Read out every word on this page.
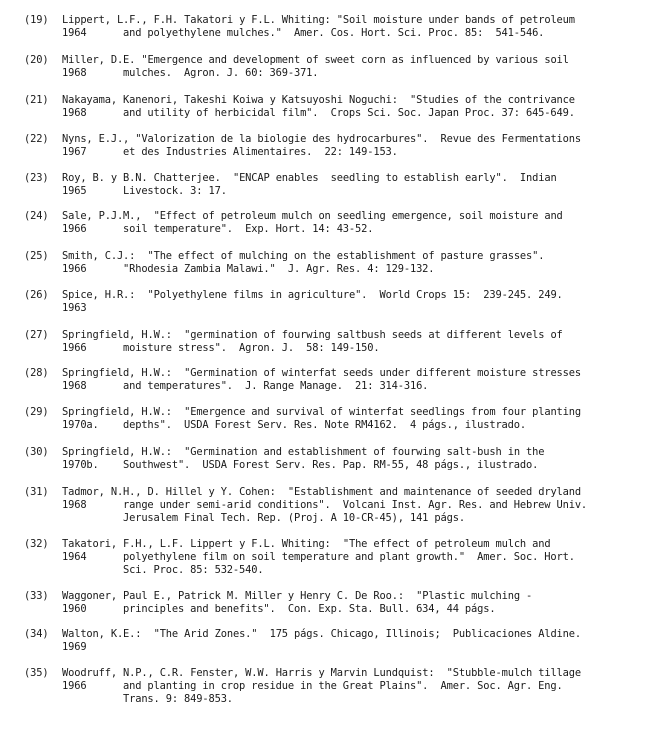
(19) Lippert, L.F., F.H. Takatori y F.L. Whiting: "Soil moisture under bands of petroleum
1964	and polyethylene mulches."  Amer. Cos. Hort. Sci. Proc. 85:  541-546.
(20) Miller, D.E. "Emergence and development of sweet corn as influenced by various soil
1968	mulches.  Agron. J. 60: 369-371.
(21) Nakayama, Kanenori, Takeshi Koiwa y Katsuyoshi Noguchi:  "Studies of the contrivance
1968	and utility of herbicidal film".  Crops Sci. Soc. Japan Proc. 37: 645-649.
(22) Nyns, E.J., "Valorization de la biologie des hydrocarbures".  Revue des Fermentations
1967	et des Industries Alimentaires.  22: 149-153.
(23) Roy, B. y B.N. Chatterjee.  "ENCAP enables  seedling to establish early".  Indian
1965	Livestock. 3: 17.
(24) Sale, P.J.M.,  "Effect of petroleum mulch on seedling emergence, soil moisture and
1966	soil temperature".  Exp. Hort. 14: 43-52.
(25) Smith, C.J.:  "The effect of mulching on the establishment of pasture grasses".
1966	"Rhodesia Zambia Malawi."  J. Agr. Res. 4: 129-132.
(26) Spice, H.R.:  "Polyethylene films in agriculture".  World Crops 15:  239-245. 249.
1963
(27) Springfield, H.W.:  "germination of fourwing saltbush seeds at different levels of
1966	moisture stress".  Agron. J.  58: 149-150.
(28) Springfield, H.W.:  "Germination of winterfat seeds under different moisture stresses
1968	and temperatures".  J. Range Manage.  21: 314-316.
(29) Springfield, H.W.:  "Emergence and survival of winterfat seedlings from four planting
1970a. depths".  USDA Forest Serv. Res. Note RM4162.  4 págs., ilustrado.
(30) Springfield, H.W.:  "Germination and establishment of fourwing salt-bush in the
1970b. Southwest".  USDA Forest Serv. Res. Pap. RM-55, 48 págs., ilustrado.
(31) Tadmor, N.H., D. Hillel y Y. Cohen:  "Establishment and maintenance of seeded dryland
1968	range under semi-arid conditions".  Volcani Inst. Agr. Res. and Hebrew Univ.
Jerusalem Final Tech. Rep. (Proj. A 10-CR-45), 141 págs.
(32) Takatori, F.H., L.F. Lippert y F.L. Whiting:  "The effect of petroleum mulch and
1964	polyethylene film on soil temperature and plant growth."  Amer. Soc. Hort.
Sci. Proc. 85: 532-540.
(33) Waggoner, Paul E., Patrick M. Miller y Henry C. De Roo.:  "Plastic mulching -
1960	principles and benefits".  Con. Exp. Sta. Bull. 634, 44 págs.
(34) Walton, K.E.:  "The Arid Zones."  175 págs. Chicago, Illinois;  Publicaciones Aldine.
1969
(35) Woodruff, N.P., C.R. Fenster, W.W. Harris y Marvin Lundquist:  "Stubble-mulch tillage
1966	and planting in crop residue in the Great Plains".  Amer. Soc. Agr. Eng.
Trans. 9: 849-853.
